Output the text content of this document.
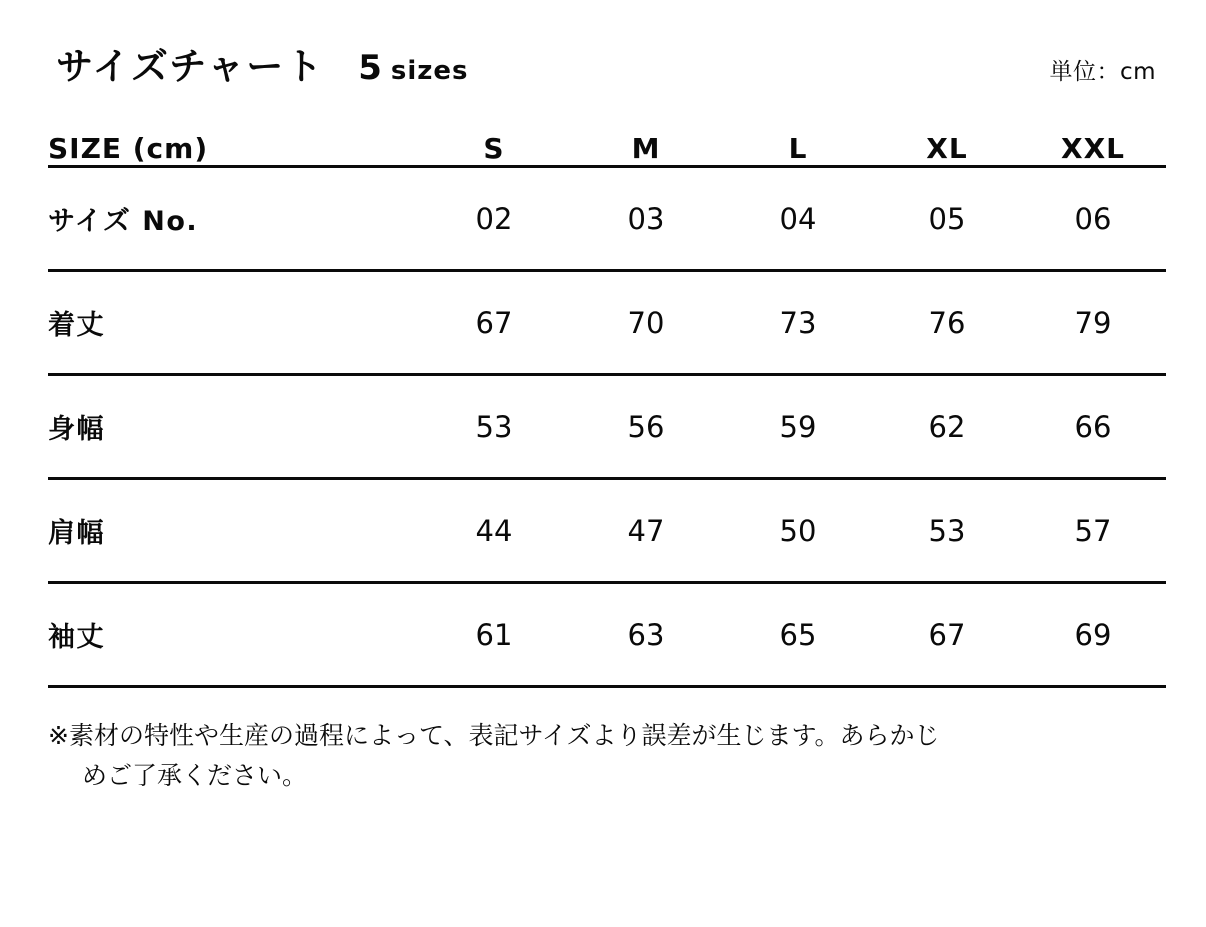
サイズチャート 5 sizes	単位：cm
SIZE (cm)	S	M	L	XL	XXL
サイズ No.	02	03	04	05	06
着丈	67	70	73	76	79
身幅	53	56	59	62	66
肩幅	44	47	50	53	57
袖丈	61	63	65	67	69
※素材の特性や生産の過程によって、表記サイズより誤差が生じます。あらかじ
めご了承ください。
